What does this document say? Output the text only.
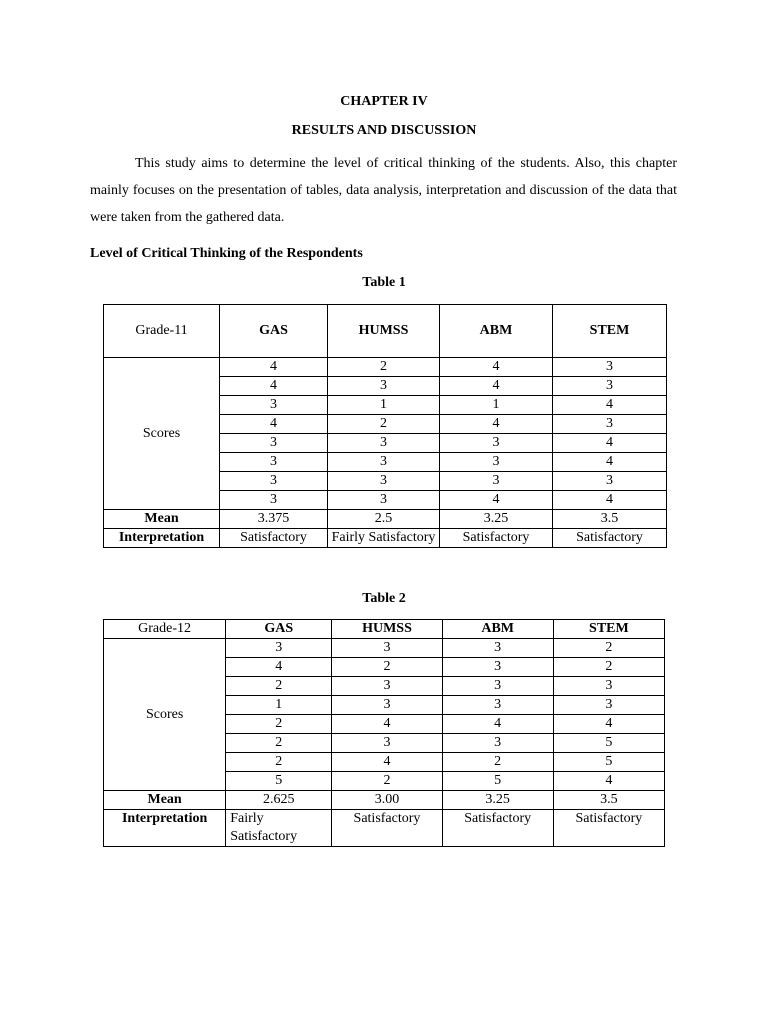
CHAPTER IV
RESULTS AND DISCUSSION

This study aims to determine the level of critical thinking of the students. Also, this chapter mainly focuses on the presentation of tables, data analysis, interpretation and discussion of the data that were taken from the gathered data.

Level of Critical Thinking of the Respondents
Table 1
Grade-11	GAS	HUMSS	ABM	STEM
Scores	4	2	4	3
	4	3	4	3
	3	1	1	4
	4	2	4	3
	3	3	3	4
	3	3	3	4
	3	3	3	3
	3	3	4	4
Mean	3.375	2.5	3.25	3.5
Interpretation	Satisfactory	Fairly Satisfactory	Satisfactory	Satisfactory
Table 2
Grade-12	GAS	HUMSS	ABM	STEM
Scores	3	3	3	2
	4	2	3	2
	2	3	3	3
	1	3	3	3
	2	4	4	4
	2	3	3	5
	2	4	2	5
	5	2	5	4
Mean	2.625	3.00	3.25	3.5
Interpretation	Fairly Satisfactory	Satisfactory	Satisfactory	Satisfactory
